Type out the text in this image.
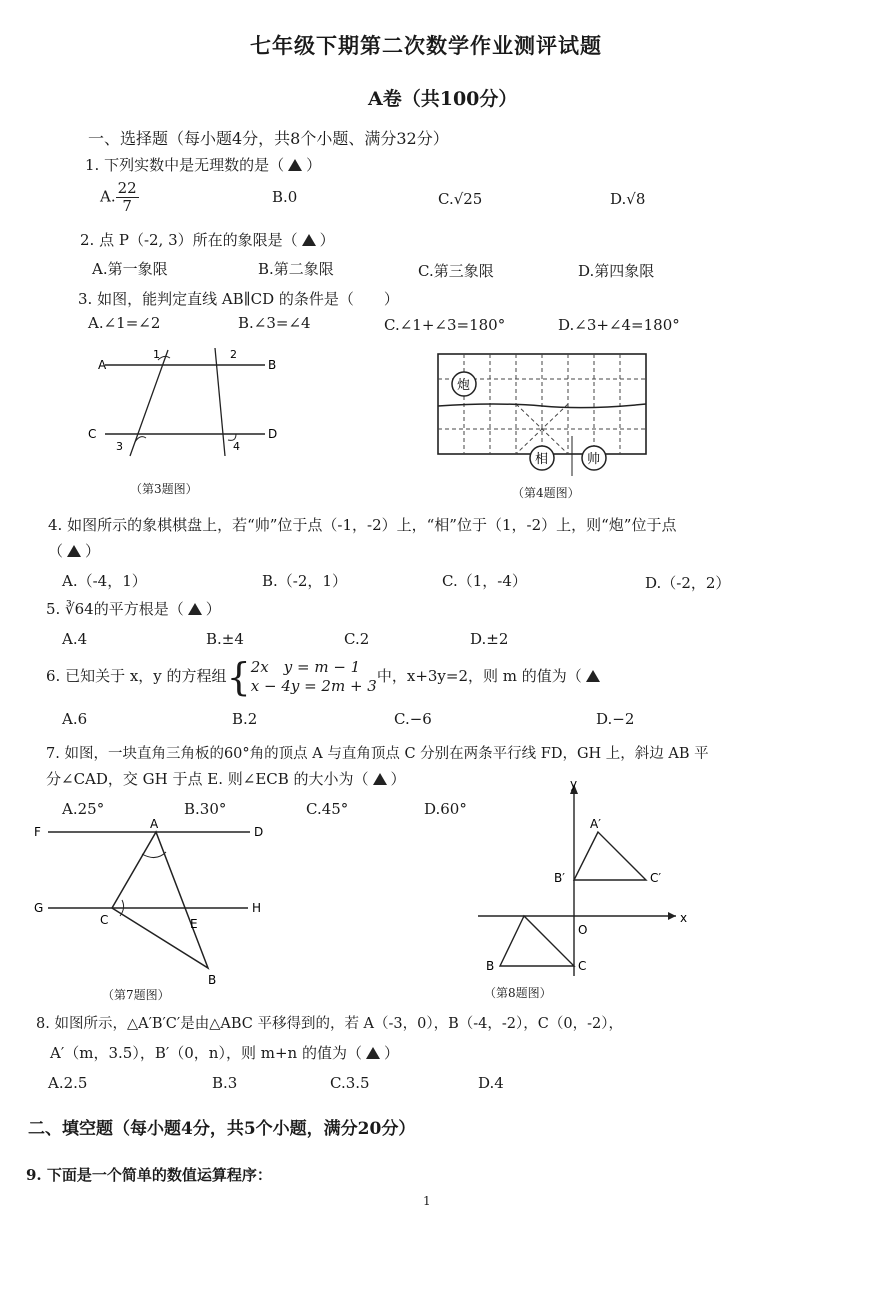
七年级下期第二次数学作业测评试题
A卷（共100分）
一、选择题（每小题4分，共8个小题、满分32分）
1. 下列实数中是无理数的是（ ）
A. $\frac{22}{7}$	B.0	C.√25	D.√8
2. 点 P（-2, 3）所在的象限是（ ）
A.第一象限	B.第二象限	C.第三象限	D.第四象限
3. 如图，能判定直线 AB∥CD 的条件是（　　）
A.∠1=∠2	B.∠3=∠4	C.∠1+∠3=180°	D.∠3+∠4=180°
A	B
C	D
1	2
3	4
（第3题图）
炮
相	帅
（第4题图）
4. 如图所示的象棋棋盘上，若“帅”位于点（-1，-2）上，“相”位于（1，-2）上，则“炮”位于点
（ ）
A.（-4，1）	B.（-2，1）	C.（1，-4）	D.（-2，2）
5. ∛64的平方根是（ ）
A.4	B.±4	C.2	D.±2
6. 已知关于 x，y 的方程组{ 2x　y = m − 1
x − 4y = 2m + 3
中，x+3y=2，则 m 的值为（
A.6	B.2	C.−6	D.−2
7. 如图，一块直角三角板的60°角的顶点 A 与直角顶点 C 分别在两条平行线 FD，GH 上，斜边 AB 平
分∠CAD，交 GH 于点 E. 则∠ECB 的大小为（ ）
A.25°	B.30°	C.45°	D.60°
F
A
D
G
C	E
H
B
（第7题图）
y
x
A′
B′	C′
O
B	C
（第8题图）
8. 如图所示，△A′B′C′是由△ABC 平移得到的，若 A（-3，0），B（-4，-2），C（0，-2），
A′（m，3.5），B′（0，n），则 m+n 的值为（ ）
A.2.5	B.3	C.3.5	D.4
二、填空题（每小题4分，共5个小题，满分20分）
9. 下面是一个简单的数值运算程序：
1
